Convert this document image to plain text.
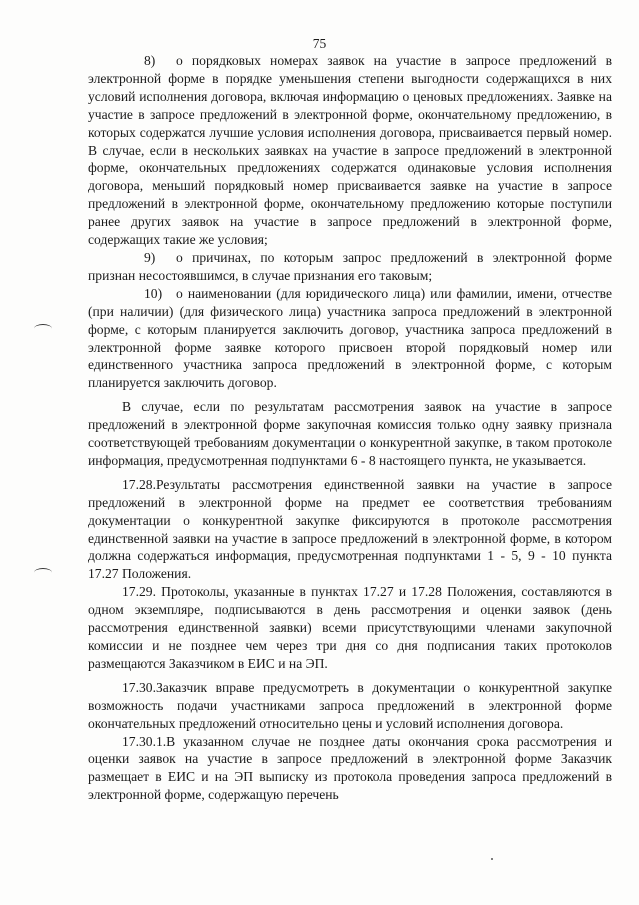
75

8) о порядковых номерах заявок на участие в запросе предложений в электронной форме в порядке уменьшения степени выгодности содержащихся в них условий исполнения договора, включая информацию о ценовых предложениях. Заявке на участие в запросе предложений в электронной форме, окончательному предложению, в которых содержатся лучшие условия исполнения договора, присваивается первый номер. В случае, если в нескольких заявках на участие в запросе предложений в электронной форме, окончательных предложениях содержатся одинаковые условия исполнения договора, меньший порядковый номер присваивается заявке на участие в запросе предложений в электронной форме, окончательному предложению которые поступили ранее других заявок на участие в запросе предложений в электронной форме, содержащих такие же условия;

9) о причинах, по которым запрос предложений в электронной форме признан несостоявшимся, в случае признания его таковым;

10) о наименовании (для юридического лица) или фамилии, имени, отчестве (при наличии) (для физического лица) участника запроса предложений в электронной форме, с которым планируется заключить договор, участника запроса предложений в электронной форме заявке которого присвоен второй порядковый номер или единственного участника запроса предложений в электронной форме, с которым планируется заключить договор.

В случае, если по результатам рассмотрения заявок на участие в запросе предложений в электронной форме закупочная комиссия только одну заявку признала соответствующей требованиям документации о конкурентной закупке, в таком протоколе информация, предусмотренная подпунктами 6 - 8 настоящего пункта, не указывается.

17.28.Результаты рассмотрения единственной заявки на участие в запросе предложений в электронной форме на предмет ее соответствия требованиям документации о конкурентной закупке фиксируются в протоколе рассмотрения единственной заявки на участие в запросе предложений в электронной форме, в котором должна содержаться информация, предусмотренная подпунктами 1 - 5, 9 - 10 пункта 17.27 Положения.

17.29. Протоколы, указанные в пунктах 17.27 и 17.28 Положения, составляются в одном экземпляре, подписываются в день рассмотрения и оценки заявок (день рассмотрения единственной заявки) всеми присутствующими членами закупочной комиссии и не позднее чем через три дня со дня подписания таких протоколов размещаются Заказчиком в ЕИС и на ЭП.

17.30.Заказчик вправе предусмотреть в документации о конкурентной закупке возможность подачи участниками запроса предложений в электронной форме окончательных предложений относительно цены и условий исполнения договора.

17.30.1.В указанном случае не позднее даты окончания срока рассмотрения и оценки заявок на участие в запросе предложений в электронной форме Заказчик размещает в ЕИС и на ЭП выписку из протокола проведения запроса предложений в электронной форме, содержащую перечень
